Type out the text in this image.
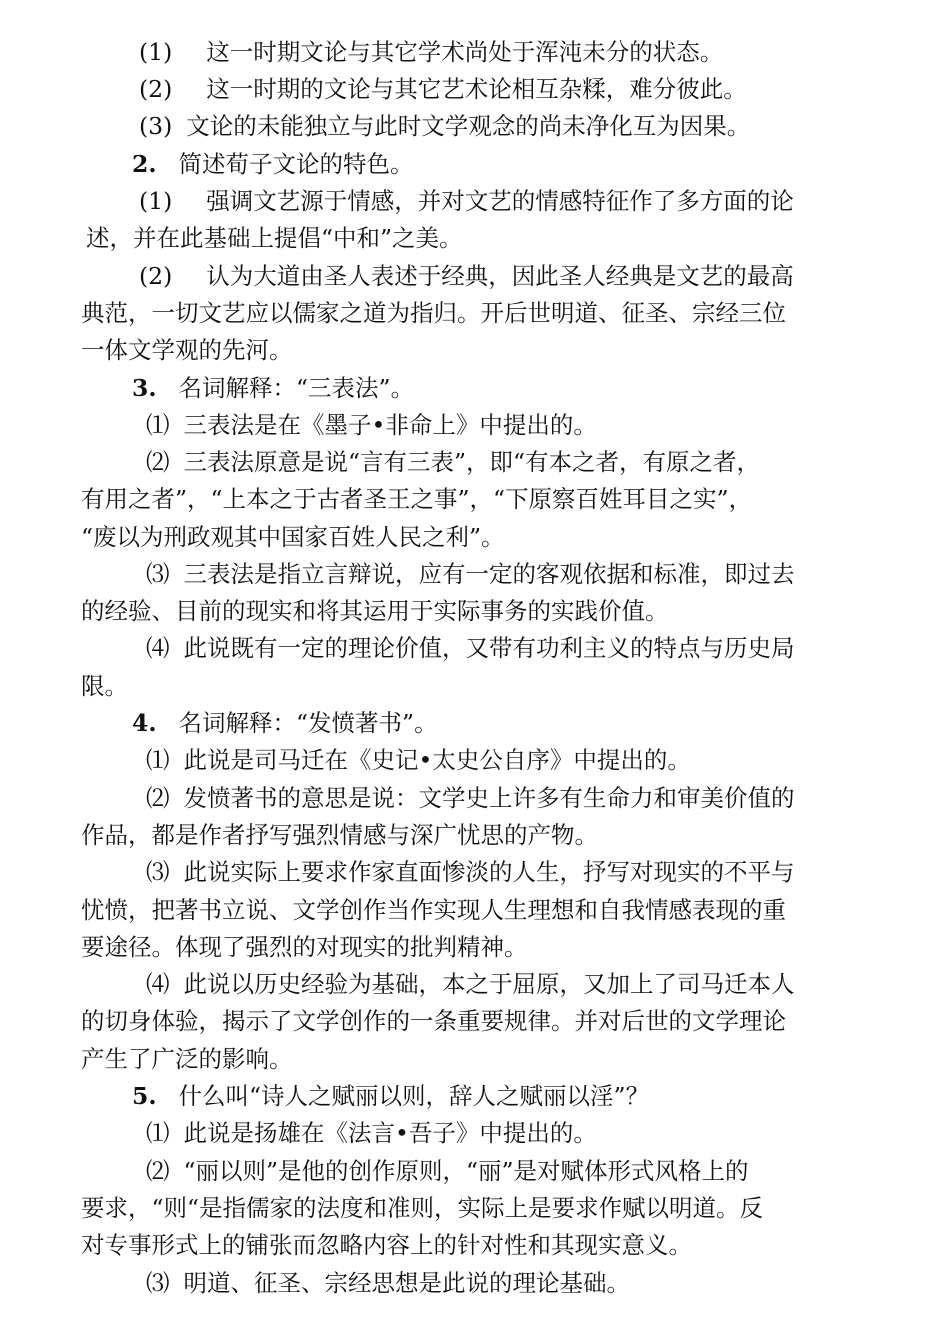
(1) 这一时期文论与其它学术尚处于浑沌未分的状态。
(2) 这一时期的文论与其它艺术论相互杂糅，难分彼此。
(3) 文论的未能独立与此时文学观念的尚未净化互为因果。
2. 简述荀子文论的特色。
(1) 强调文艺源于情感，并对文艺的情感特征作了多方面的论
述，并在此基础上提倡“中和”之美。
(2) 认为大道由圣人表述于经典，因此圣人经典是文艺的最高
典范，一切文艺应以儒家之道为指归。开后世明道、征圣、宗经三位
一体文学观的先河。
3. 名词解释：“三表法”。
⑴ 三表法是在《墨子•非命上》中提出的。
⑵ 三表法原意是说“言有三表”，即“有本之者，有原之者，
有用之者”，“上本之于古者圣王之事”，“下原察百姓耳目之实”，
“废以为刑政观其中国家百姓人民之利”。
⑶ 三表法是指立言辩说，应有一定的客观依据和标准，即过去
的经验、目前的现实和将其运用于实际事务的实践价值。
⑷ 此说既有一定的理论价值，又带有功利主义的特点与历史局
限。
4. 名词解释：“发愤著书”。
⑴ 此说是司马迁在《史记•太史公自序》中提出的。
⑵ 发愤著书的意思是说：文学史上许多有生命力和审美价值的
作品，都是作者抒写强烈情感与深广忧思的产物。
⑶ 此说实际上要求作家直面惨淡的人生，抒写对现实的不平与
忧愤，把著书立说、文学创作当作实现人生理想和自我情感表现的重
要途径。体现了强烈的对现实的批判精神。
⑷ 此说以历史经验为基础，本之于屈原，又加上了司马迁本人
的切身体验，揭示了文学创作的一条重要规律。并对后世的文学理论
产生了广泛的影响。
5. 什么叫“诗人之赋丽以则，辞人之赋丽以淫”？
⑴ 此说是扬雄在《法言•吾子》中提出的。
⑵ “丽以则”是他的创作原则，“丽”是对赋体形式风格上的
要求，“则“是指儒家的法度和准则，实际上是要求作赋以明道。反
对专事形式上的铺张而忽略内容上的针对性和其现实意义。
⑶ 明道、征圣、宗经思想是此说的理论基础。
